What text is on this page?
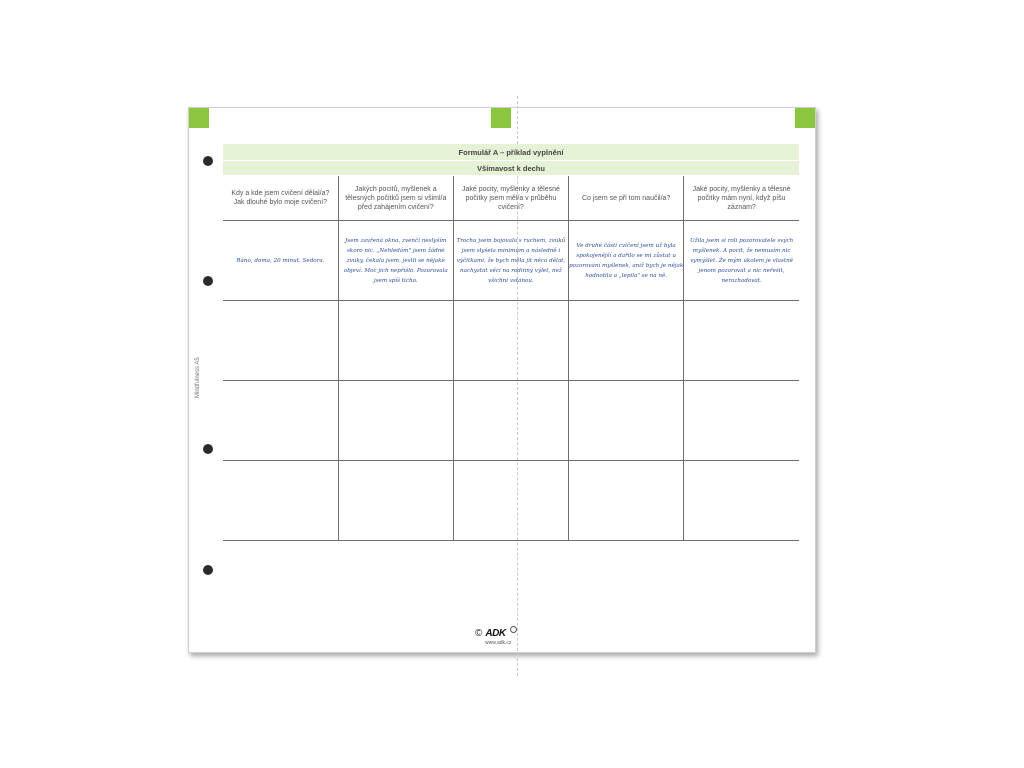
Mindfulness A5
Formulář A – příklad vyplnění
Všímavost k dechu
Kdy a kde jsem cvičení dělal/a? Jak dlouhé bylo moje cvičení?	Jakých pocitů, myšlenek a tělesných počitků jsem si všiml/a před zahájením cvičení?	Jaké pocity, myšlenky a tělesné počitky jsem měl/a v průběhu cvičení?	Co jsem se při tom naučil/a?	Jaké pocity, myšlenky a tělesné počitky mám nyní, když píšu záznam?
Ráno, doma, 20 minut. Sedora.	Jsem zavřená okna, zvenčí neslyším skoro nic. „Nehledám" jsem žádné zvuky, čekala jsem, jestli se nějaké objeví. Moc jich nepřišlo. Pozorovala jsem spíš ticho.	Trochu jsem bojovala s ruchem, zvuků jsem slyšela minimum a následně i výčitkami, že bych měla jít něco dělat, nachystat věci na rodinný výlet, než všichni vstanou.	Ve druhé části cvičení jsem už byla spokojenější a dařilo se mi zůstat u pozorování myšlenek, aniž bych je nějak hodnotila a „lepila" se na ně.	Užila jsem si roli pozorovatele svých myšlenek. A pocit, že nemusím nic vymýšlet. Že mým úkolem je vlastně jenom pozorovat a nic neřešit, nerozhodovat.

© ADK
www.adk.cz
